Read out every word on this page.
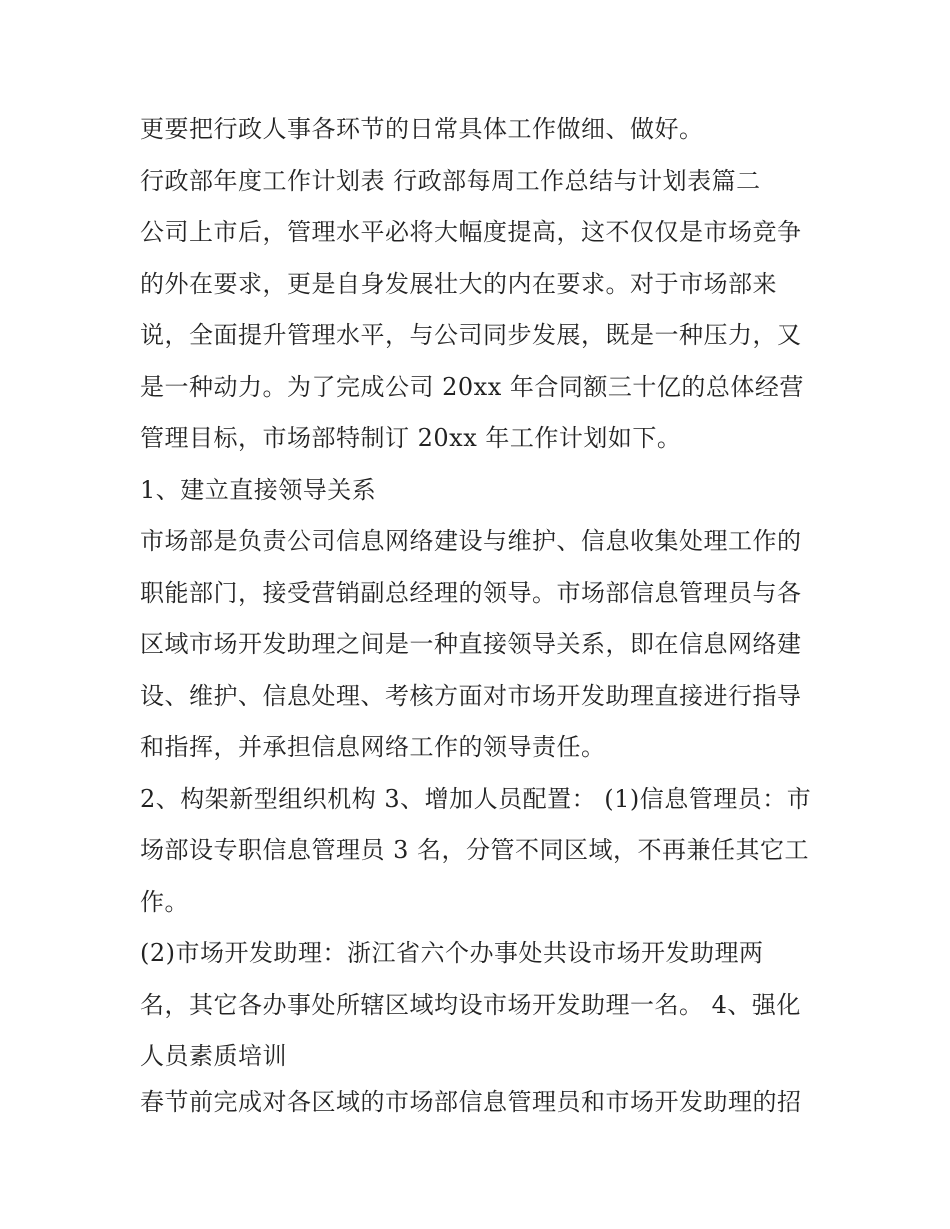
更要把行政人事各环节的日常具体工作做细、做好。
行政部年度工作计划表 行政部每周工作总结与计划表篇二
公司上市后，管理水平必将大幅度提高，这不仅仅是市场竞争
的外在要求，更是自身发展壮大的内在要求。对于市场部来
说，全面提升管理水平，与公司同步发展，既是一种压力，又
是一种动力。为了完成公司 20xx 年合同额三十亿的总体经营
管理目标，市场部特制订 20xx 年工作计划如下。
1、建立直接领导关系
市场部是负责公司信息网络建设与维护、信息收集处理工作的
职能部门，接受营销副总经理的领导。市场部信息管理员与各
区域市场开发助理之间是一种直接领导关系，即在信息网络建
设、维护、信息处理、考核方面对市场开发助理直接进行指导
和指挥，并承担信息网络工作的领导责任。
2、构架新型组织机构 3、增加人员配置： (1)信息管理员：市
场部设专职信息管理员 3 名，分管不同区域，不再兼任其它工
作。
(2)市场开发助理：浙江省六个办事处共设市场开发助理两
名，其它各办事处所辖区域均设市场开发助理一名。 4、强化
人员素质培训
春节前完成对各区域的市场部信息管理员和市场开发助理的招
